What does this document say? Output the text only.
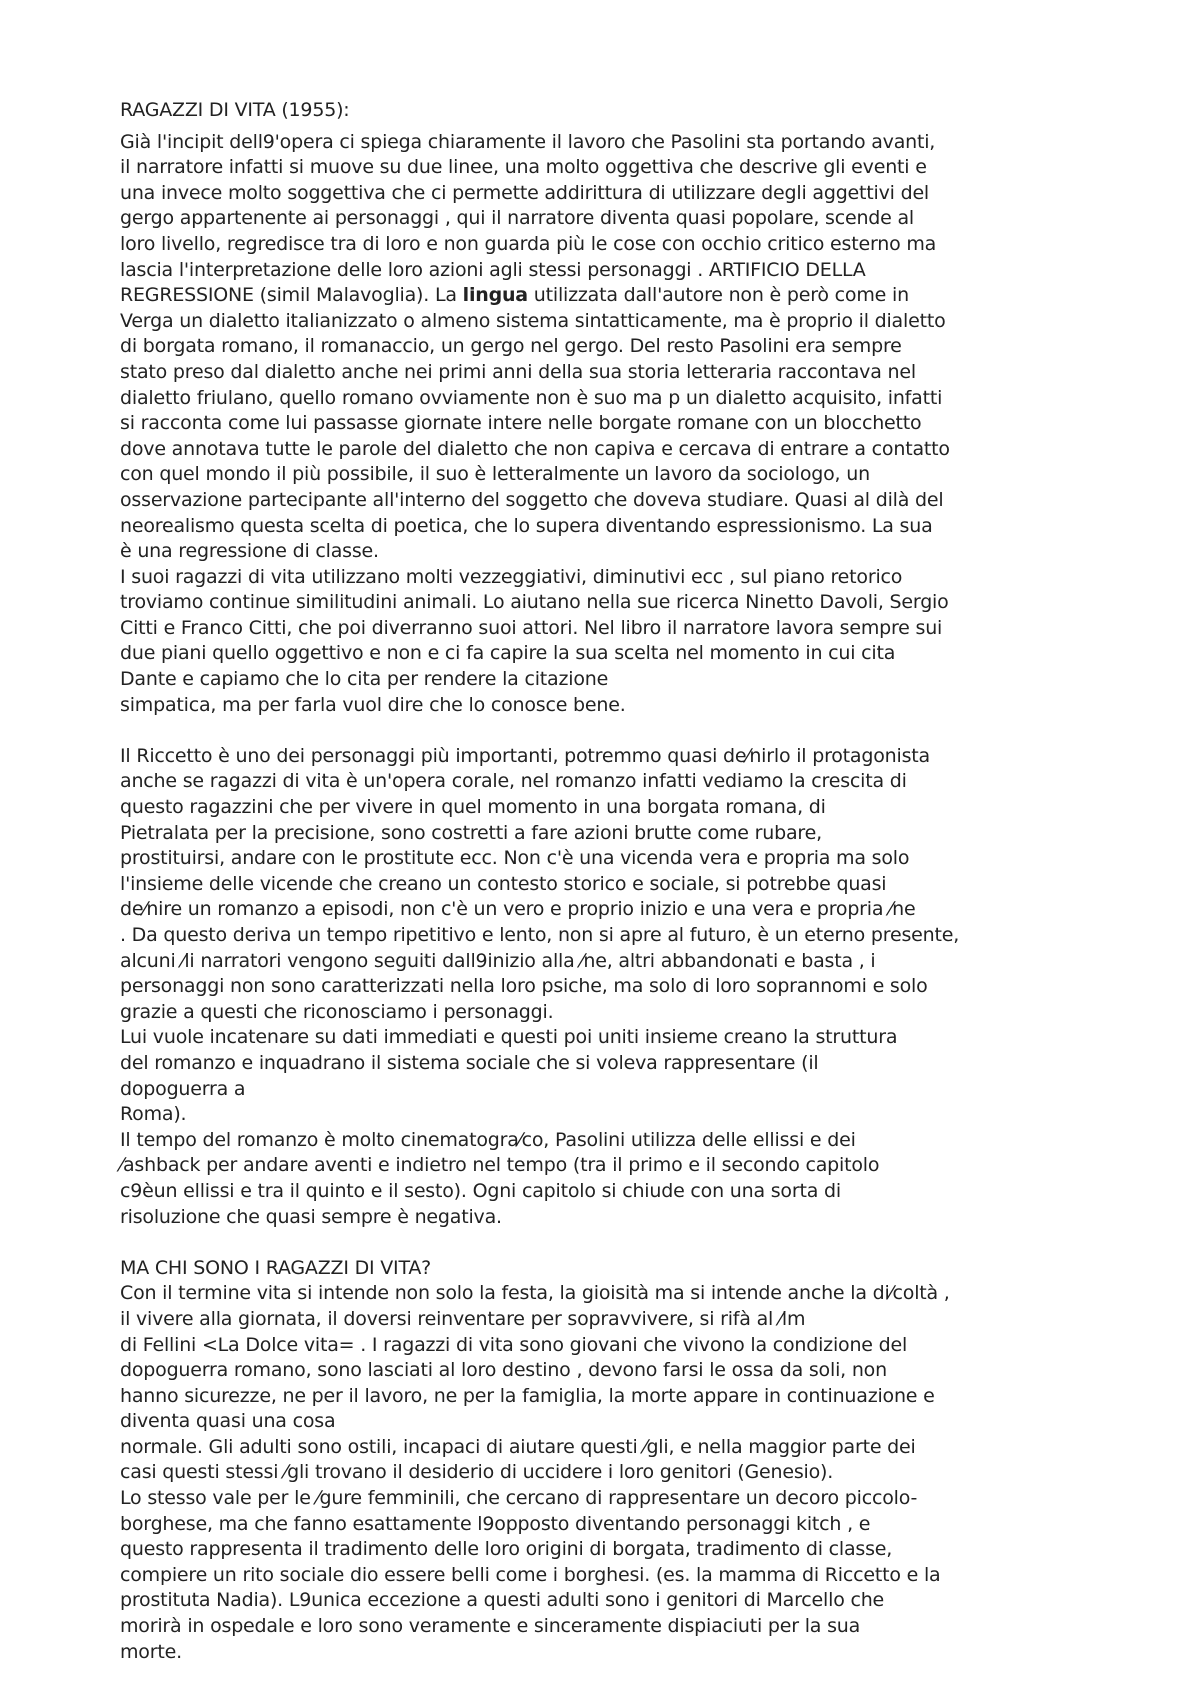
RAGAZZI DI VITA (1955):
Già l'incipit dell9'opera ci spiega chiaramente il lavoro che Pasolini sta portando avanti,
il narratore infatti si muove su due linee, una molto oggettiva che descrive gli eventi e
una invece molto soggettiva che ci permette addirittura di utilizzare degli aggettivi del
gergo appartenente ai personaggi , qui il narratore diventa quasi popolare, scende al
loro livello, regredisce tra di loro e non guarda più le cose con occhio critico esterno ma
lascia l'interpretazione delle loro azioni agli stessi personaggi . ARTIFICIO DELLA
REGRESSIONE (simil Malavoglia). La lingua utilizzata dall'autore non è però come in
Verga un dialetto italianizzato o almeno sistema sintatticamente, ma è proprio il dialetto
di borgata romano, il romanaccio, un gergo nel gergo. Del resto Pasolini era sempre
stato preso dal dialetto anche nei primi anni della sua storia letteraria raccontava nel
dialetto friulano, quello romano ovviamente non è suo ma p un dialetto acquisito, infatti
si racconta come lui passasse giornate intere nelle borgate romane con un blocchetto
dove annotava tutte le parole del dialetto che non capiva e cercava di entrare a contatto
con quel mondo il più possibile, il suo è letteralmente un lavoro da sociologo, un
osservazione partecipante all'interno del soggetto che doveva studiare. Quasi al dilà del
neorealismo questa scelta di poetica, che lo supera diventando espressionismo. La sua
è una regressione di classe.
I suoi ragazzi di vita utilizzano molti vezzeggiativi, diminutivi ecc , sul piano retorico
troviamo continue similitudini animali. Lo aiutano nella sue ricerca Ninetto Davoli, Sergio
Citti e Franco Citti, che poi diverranno suoi attori. Nel libro il narratore lavora sempre sui
due piani quello oggettivo e non e ci fa capire la sua scelta nel momento in cui cita
Dante e capiamo che lo cita per rendere la citazione
simpatica, ma per farla vuol dire che lo conosce bene.
Il Riccetto è uno dei personaggi più importanti, potremmo quasi de⁄nirlo il protagonista
anche se ragazzi di vita è un'opera corale, nel romanzo infatti vediamo la crescita di
questo ragazzini che per vivere in quel momento in una borgata romana, di
Pietralata per la precisione, sono costretti a fare azioni brutte come rubare,
prostituirsi, andare con le prostitute ecc. Non c'è una vicenda vera e propria ma solo
l'insieme delle vicende che creano un contesto storico e sociale, si potrebbe quasi
de⁄nire un romanzo a episodi, non c'è un vero e proprio inizio e una vera e propria ⁄ne
. Da questo deriva un tempo ripetitivo e lento, non si apre al futuro, è un eterno presente,
alcuni ⁄li narratori vengono seguiti dall9inizio alla ⁄ne, altri abbandonati e basta , i
personaggi non sono caratterizzati nella loro psiche, ma solo di loro soprannomi e solo
grazie a questi che riconosciamo i personaggi.
Lui vuole incatenare su dati immediati e questi poi uniti insieme creano la struttura
del romanzo e inquadrano il sistema sociale che si voleva rappresentare (il
dopoguerra a
Roma).
Il tempo del romanzo è molto cinematogra⁄co, Pasolini utilizza delle ellissi e dei
⁄ashback per andare aventi e indietro nel tempo (tra il primo e il secondo capitolo
c9èun ellissi e tra il quinto e il sesto). Ogni capitolo si chiude con una sorta di
risoluzione che quasi sempre è negativa.
MA CHI SONO I RAGAZZI DI VITA?
Con il termine vita si intende non solo la festa, la gioisità ma si intende anche la di⁄coltà ,
il vivere alla giornata, il doversi reinventare per sopravvivere, si rifà al ⁄lm
di Fellini <La Dolce vita= . I ragazzi di vita sono giovani che vivono la condizione del
dopoguerra romano, sono lasciati al loro destino , devono farsi le ossa da soli, non
hanno sicurezze, ne per il lavoro, ne per la famiglia, la morte appare in continuazione e
diventa quasi una cosa
normale. Gli adulti sono ostili, incapaci di aiutare questi ⁄gli, e nella maggior parte dei
casi questi stessi ⁄gli trovano il desiderio di uccidere i loro genitori (Genesio).
Lo stesso vale per le ⁄gure femminili, che cercano di rappresentare un decoro piccolo-
borghese, ma che fanno esattamente l9opposto diventando personaggi kitch , e
questo rappresenta il tradimento delle loro origini di borgata, tradimento di classe,
compiere un rito sociale dio essere belli come i borghesi. (es. la mamma di Riccetto e la
prostituta Nadia). L9unica eccezione a questi adulti sono i genitori di Marcello che
morirà in ospedale e loro sono veramente e sinceramente dispiaciuti per la sua
morte.
